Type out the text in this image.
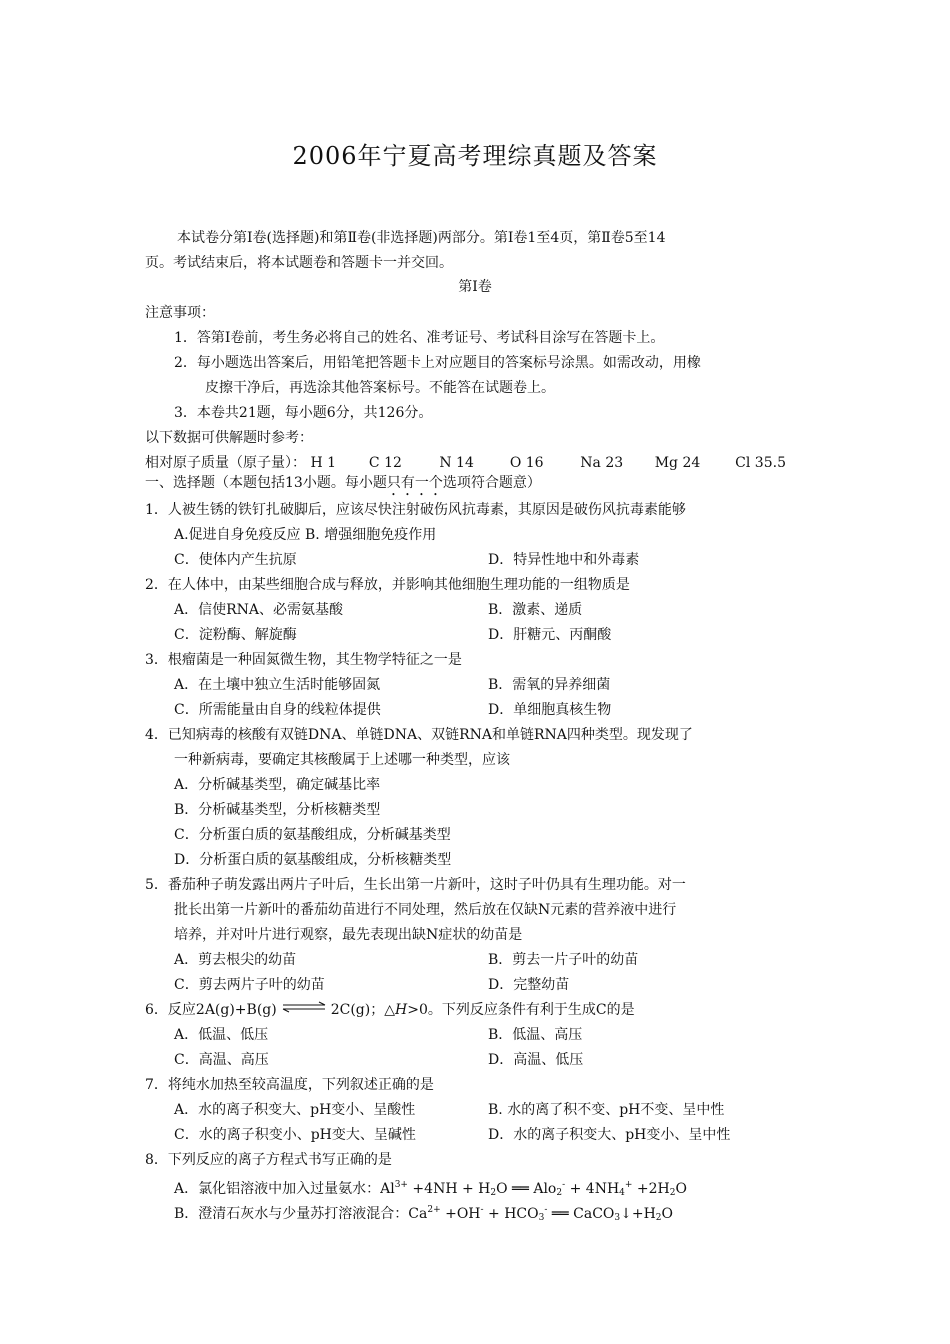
2006年宁夏高考理综真题及答案
本试卷分第Ⅰ卷(选择题)和第Ⅱ卷(非选择题)两部分。第Ⅰ卷1至4页，第Ⅱ卷5至14
页。考试结束后，将本试题卷和答题卡一并交回。
第Ⅰ卷
注意事项：
1．答第Ⅰ卷前，考生务必将自己的姓名、准考证号、考试科目涂写在答题卡上。
2．每小题选出答案后，用铅笔把答题卡上对应题目的答案标号涂黑。如需改动，用橡
皮擦干净后，再选涂其他答案标号。不能答在试题卷上。
3．本卷共21题，每小题6分，共126分。
以下数据可供解题时参考：
相对原子质量（原子量）： H 1 C 12	N 14	O 16	Na 23 Mg 24 Cl 35.5
一、选择题（本题包括13小题。每小题只有一个选项符合题意）
1．人被生锈的铁钉扎破脚后，应该尽快注射破伤风抗毒素，其原因是破伤风抗毒素能够
A.促进自身免疫反应 B. 增强细胞免疫作用
C．使体内产生抗原	D．特异性地中和外毒素
2．在人体中，由某些细胞合成与释放，并影响其他细胞生理功能的一组物质是
A．信使RNA、必需氨基酸	B．激素、递质
C．淀粉酶、解旋酶	D．肝糖元、丙酮酸
3．根瘤菌是一种固氮微生物，其生物学特征之一是
A．在土壤中独立生活时能够固氮	B．需氧的异养细菌
C．所需能量由自身的线粒体提供	D．单细胞真核生物
4．已知病毒的核酸有双链DNA、单链DNA、双链RNA和单链RNA四种类型。现发现了
一种新病毒，要确定其核酸属于上述哪一种类型，应该
A．分析碱基类型，确定碱基比率
B．分析碱基类型，分析核糖类型
C．分析蛋白质的氨基酸组成，分析碱基类型
D．分析蛋白质的氨基酸组成，分析核糖类型
5．番茄种子萌发露出两片子叶后，生长出第一片新叶，这时子叶仍具有生理功能。对一
批长出第一片新叶的番茄幼苗进行不同处理，然后放在仅缺N元素的营养液中进行
培养，并对叶片进行观察，最先表现出缺N症状的幼苗是
A．剪去根尖的幼苗	B．剪去一片子叶的幼苗
C．剪去两片子叶的幼苗	D．完整幼苗
6．反应2A(g)+B(g) ⇌ 2C(g)；△H>0。下列反应条件有利于生成C的是
A．低温、低压	B．低温、高压
C．高温、高压	D．高温、低压
7．将纯水加热至较高温度，下列叙述正确的是
A．水的离子积变大、pH变小、呈酸性	B. 水的离了积不变、pH不变、呈中性
C．水的离子积变小、pH变大、呈碱性	D．水的离子积变大、pH变小、呈中性
8．下列反应的离子方程式书写正确的是
A．氯化铝溶液中加入过量氨水：$Al^{3+} +4NH + H_2O$ ══ $Alo_2^- + 4NH_4^+ +2H_2O$
B．澄清石灰水与少量苏打溶液混合：$Ca^{2+} +OH^- + HCO_3^-$ ══ $CaCO_3↓+H_2O$
